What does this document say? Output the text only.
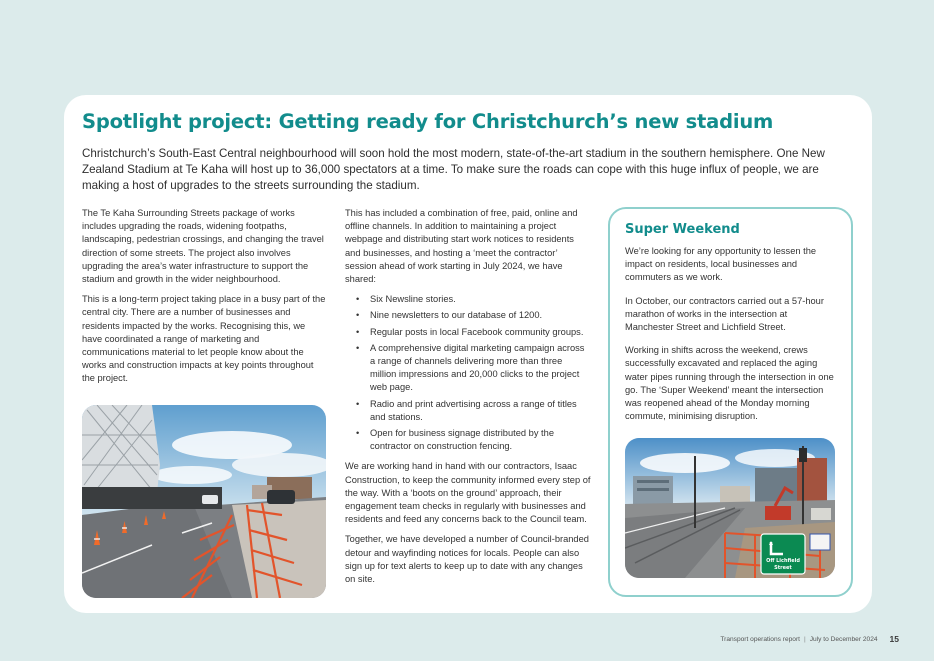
Spotlight project: Getting ready for Christchurch’s new stadium

Christchurch’s South-East Central neighbourhood will soon hold the most modern, state-of-the-art stadium in the southern hemisphere. One New Zealand Stadium at Te Kaha will host up to 36,000 spectators at a time. To make sure the roads can cope with this huge influx of people, we are making a host of upgrades to the streets surrounding the stadium.

The Te Kaha Surrounding Streets package of works includes upgrading the roads, widening footpaths, landscaping, pedestrian crossings, and changing the travel direction of some streets. The project also involves upgrading the area’s water infrastructure to support the stadium and growth in the wider neighbourhood.

This is a long-term project taking place in a busy part of the central city. There are a number of businesses and residents impacted by the works. Recognising this, we have coordinated a range of marketing and communications material to let people know about the works and construction impacts at key points throughout the project.

This has included a combination of free, paid, online and offline channels. In addition to maintaining a project webpage and distributing start work notices to residents and businesses, and hosting a ‘meet the contractor’ session ahead of work starting in July 2024, we have shared:

• Six Newsline stories.
• Nine newsletters to our database of 1200.
• Regular posts in local Facebook community groups.
• A comprehensive digital marketing campaign across a range of channels delivering more than three million impressions and 20,000 clicks to the project web page.
• Radio and print advertising across a range of titles and stations.
• Open for business signage distributed by the contractor on construction fencing.

We are working hand in hand with our contractors, Isaac Construction, to keep the community informed every step of the way. With a ‘boots on the ground’ approach, their engagement team checks in regularly with businesses and residents and feed any concerns back to the Council team.

Together, we have developed a number of Council-branded detour and wayfinding notices for locals. People can also sign up for text alerts to keep up to date with any changes on site.

Super Weekend

We’re looking for any opportunity to lessen the impact on residents, local businesses and commuters as we work.

In October, our contractors carried out a 57-hour marathon of works in the intersection at Manchester Street and Lichfield Street.

Working in shifts across the weekend, crews successfully excavated and replaced the aging water pipes running through the intersection in one go. The ‘Super Weekend’ meant the intersection was reopened ahead of the Monday morning commute, minimising disruption.

Off Lichfield
Street
Transport operations report | July to December 2024 15
